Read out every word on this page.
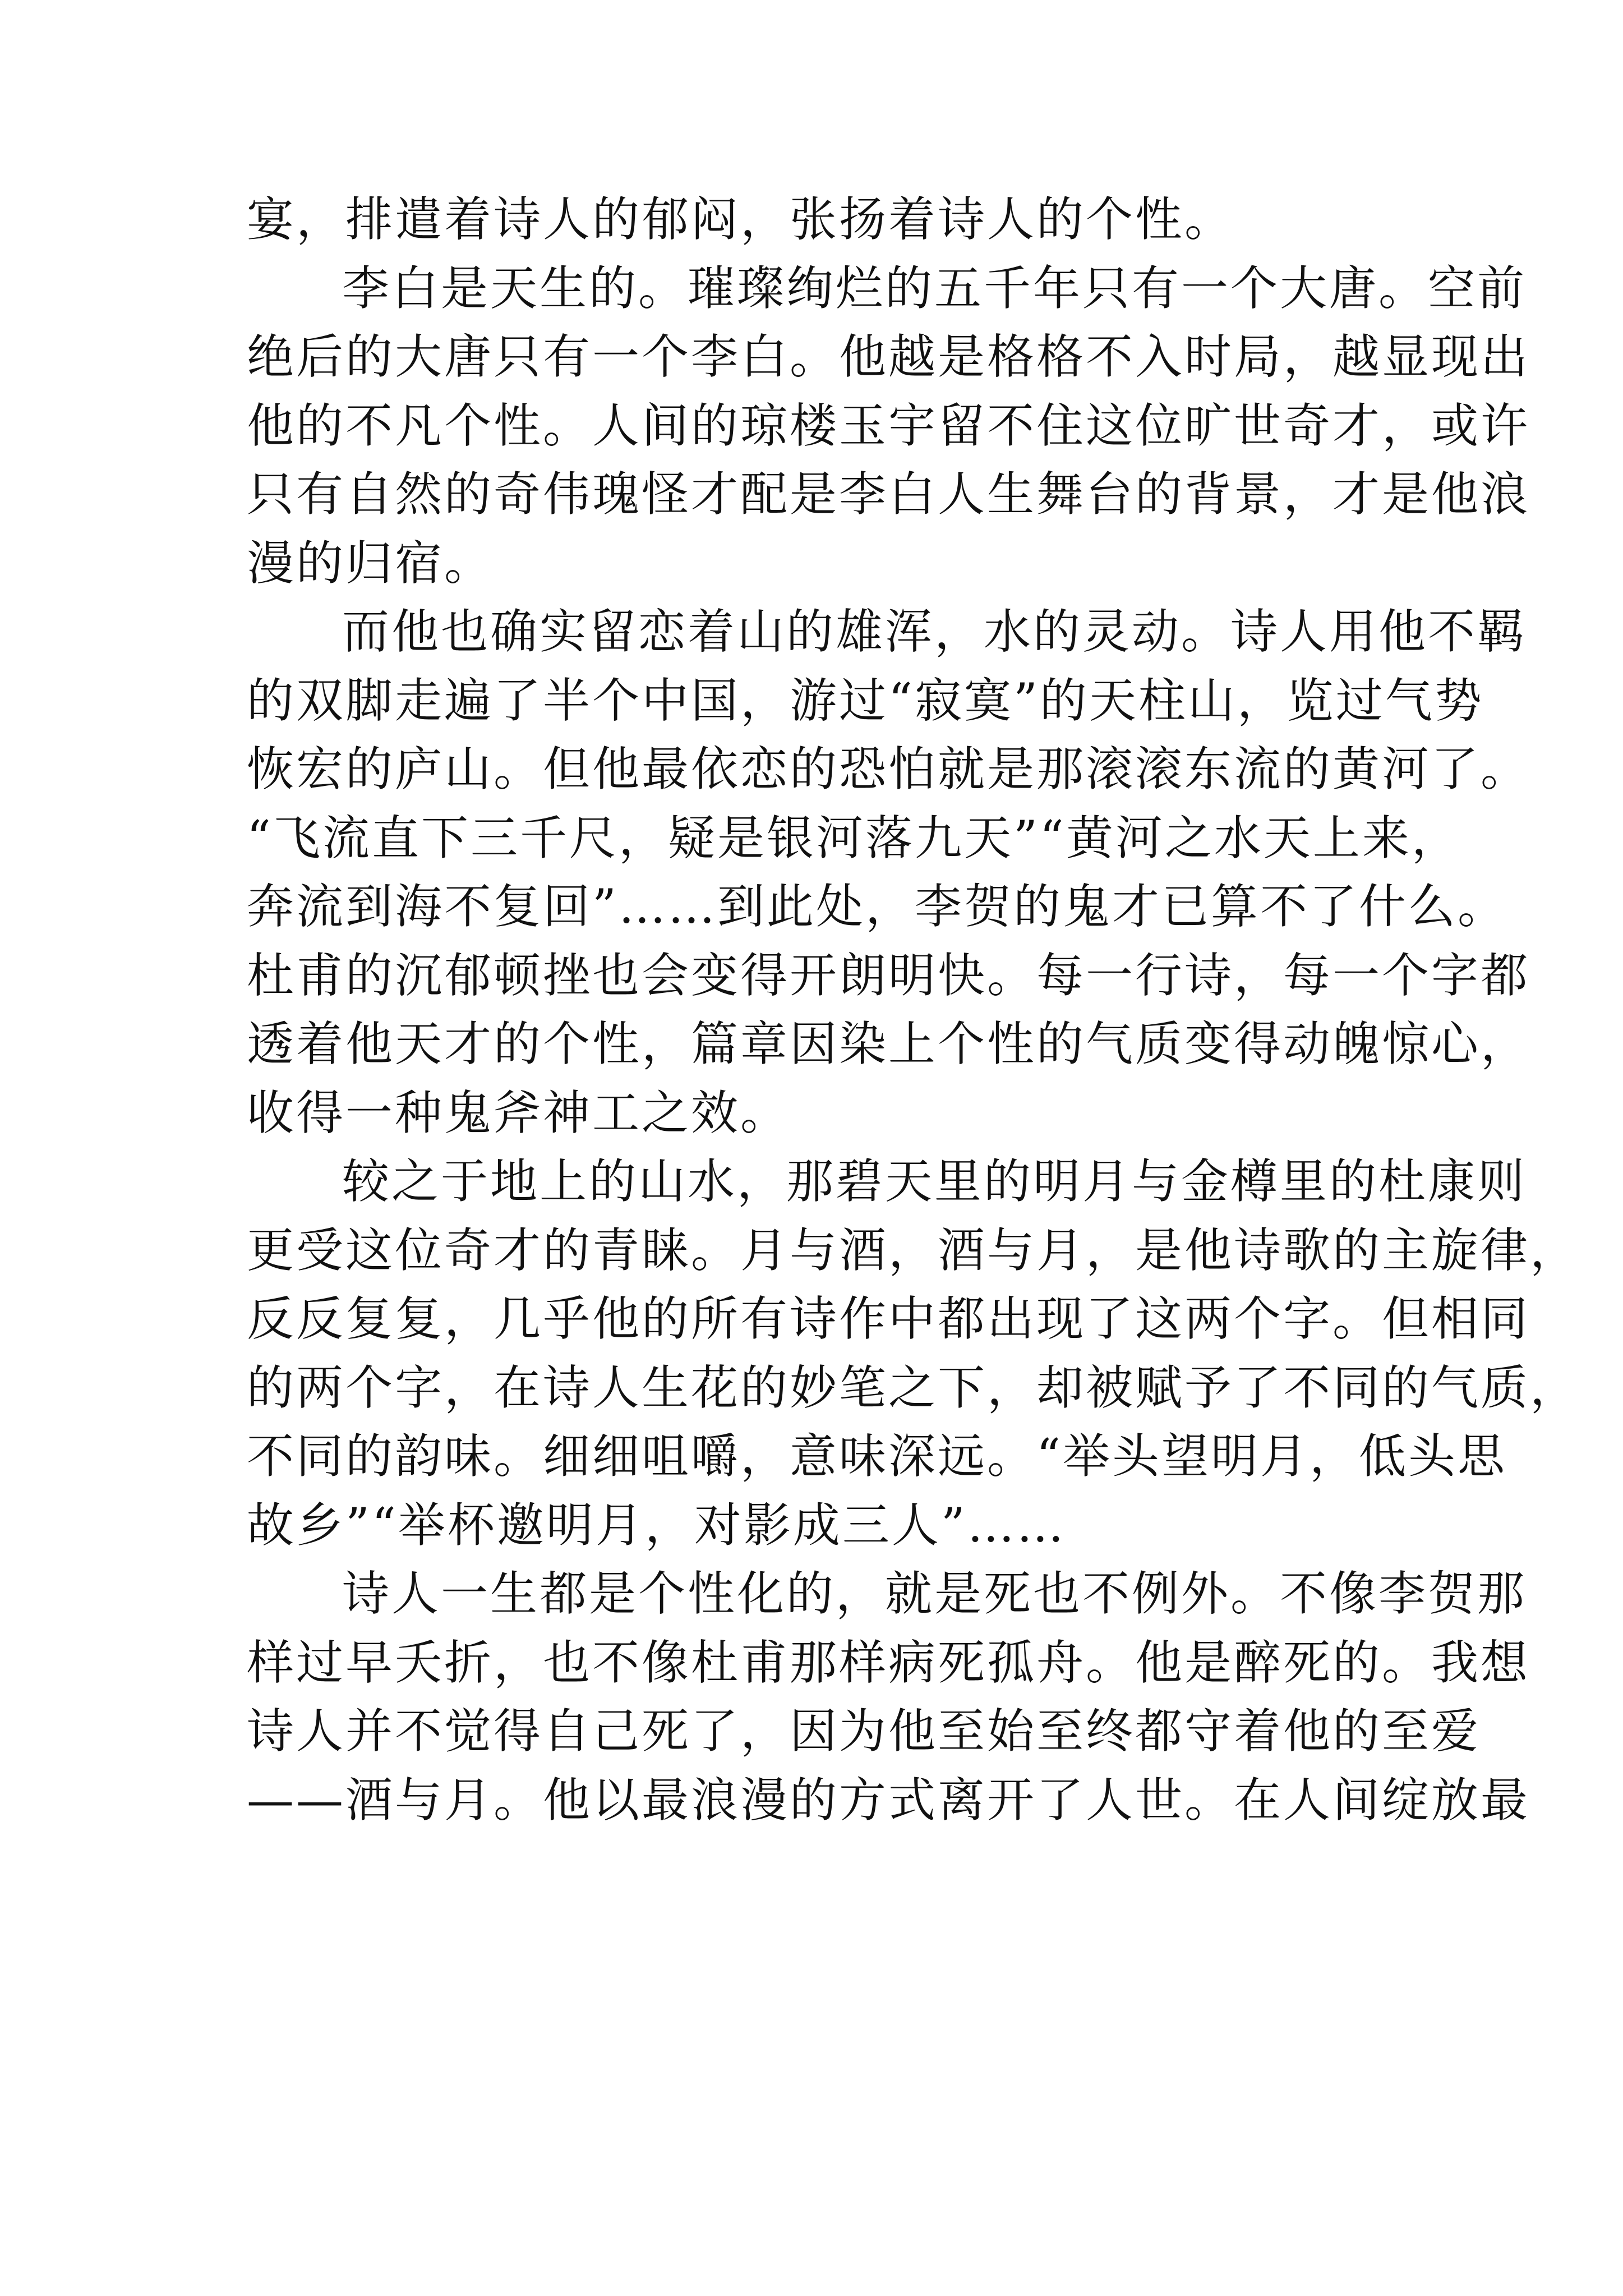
宴，排遣着诗人的郁闷，张扬着诗人的个性。
李白是天生的。璀璨绚烂的五千年只有一个大唐。空前
绝后的大唐只有一个李白。他越是格格不入时局，越显现出
他的不凡个性。人间的琼楼玉宇留不住这位旷世奇才，或许
只有自然的奇伟瑰怪才配是李白人生舞台的背景，才是他浪
漫的归宿。
而他也确实留恋着山的雄浑，水的灵动。诗人用他不羁
的双脚走遍了半个中国，游过“寂寞”的天柱山，览过气势
恢宏的庐山。但他最依恋的恐怕就是那滚滚东流的黄河了。
“飞流直下三千尺，疑是银河落九天”“黄河之水天上来，
奔流到海不复回”……到此处，李贺的鬼才已算不了什么。
杜甫的沉郁顿挫也会变得开朗明快。每一行诗，每一个字都
透着他天才的个性，篇章因染上个性的气质变得动魄惊心，
收得一种鬼斧神工之效。
较之于地上的山水，那碧天里的明月与金樽里的杜康则
更受这位奇才的青睐。月与酒，酒与月，是他诗歌的主旋律，
反反复复，几乎他的所有诗作中都出现了这两个字。但相同
的两个字，在诗人生花的妙笔之下，却被赋予了不同的气质，
不同的韵味。细细咀嚼，意味深远。“举头望明月，低头思
故乡”“举杯邀明月，对影成三人”……
诗人一生都是个性化的，就是死也不例外。不像李贺那
样过早夭折，也不像杜甫那样病死孤舟。他是醉死的。我想
诗人并不觉得自己死了，因为他至始至终都守着他的至爱
——酒与月。他以最浪漫的方式离开了人世。在人间绽放最
